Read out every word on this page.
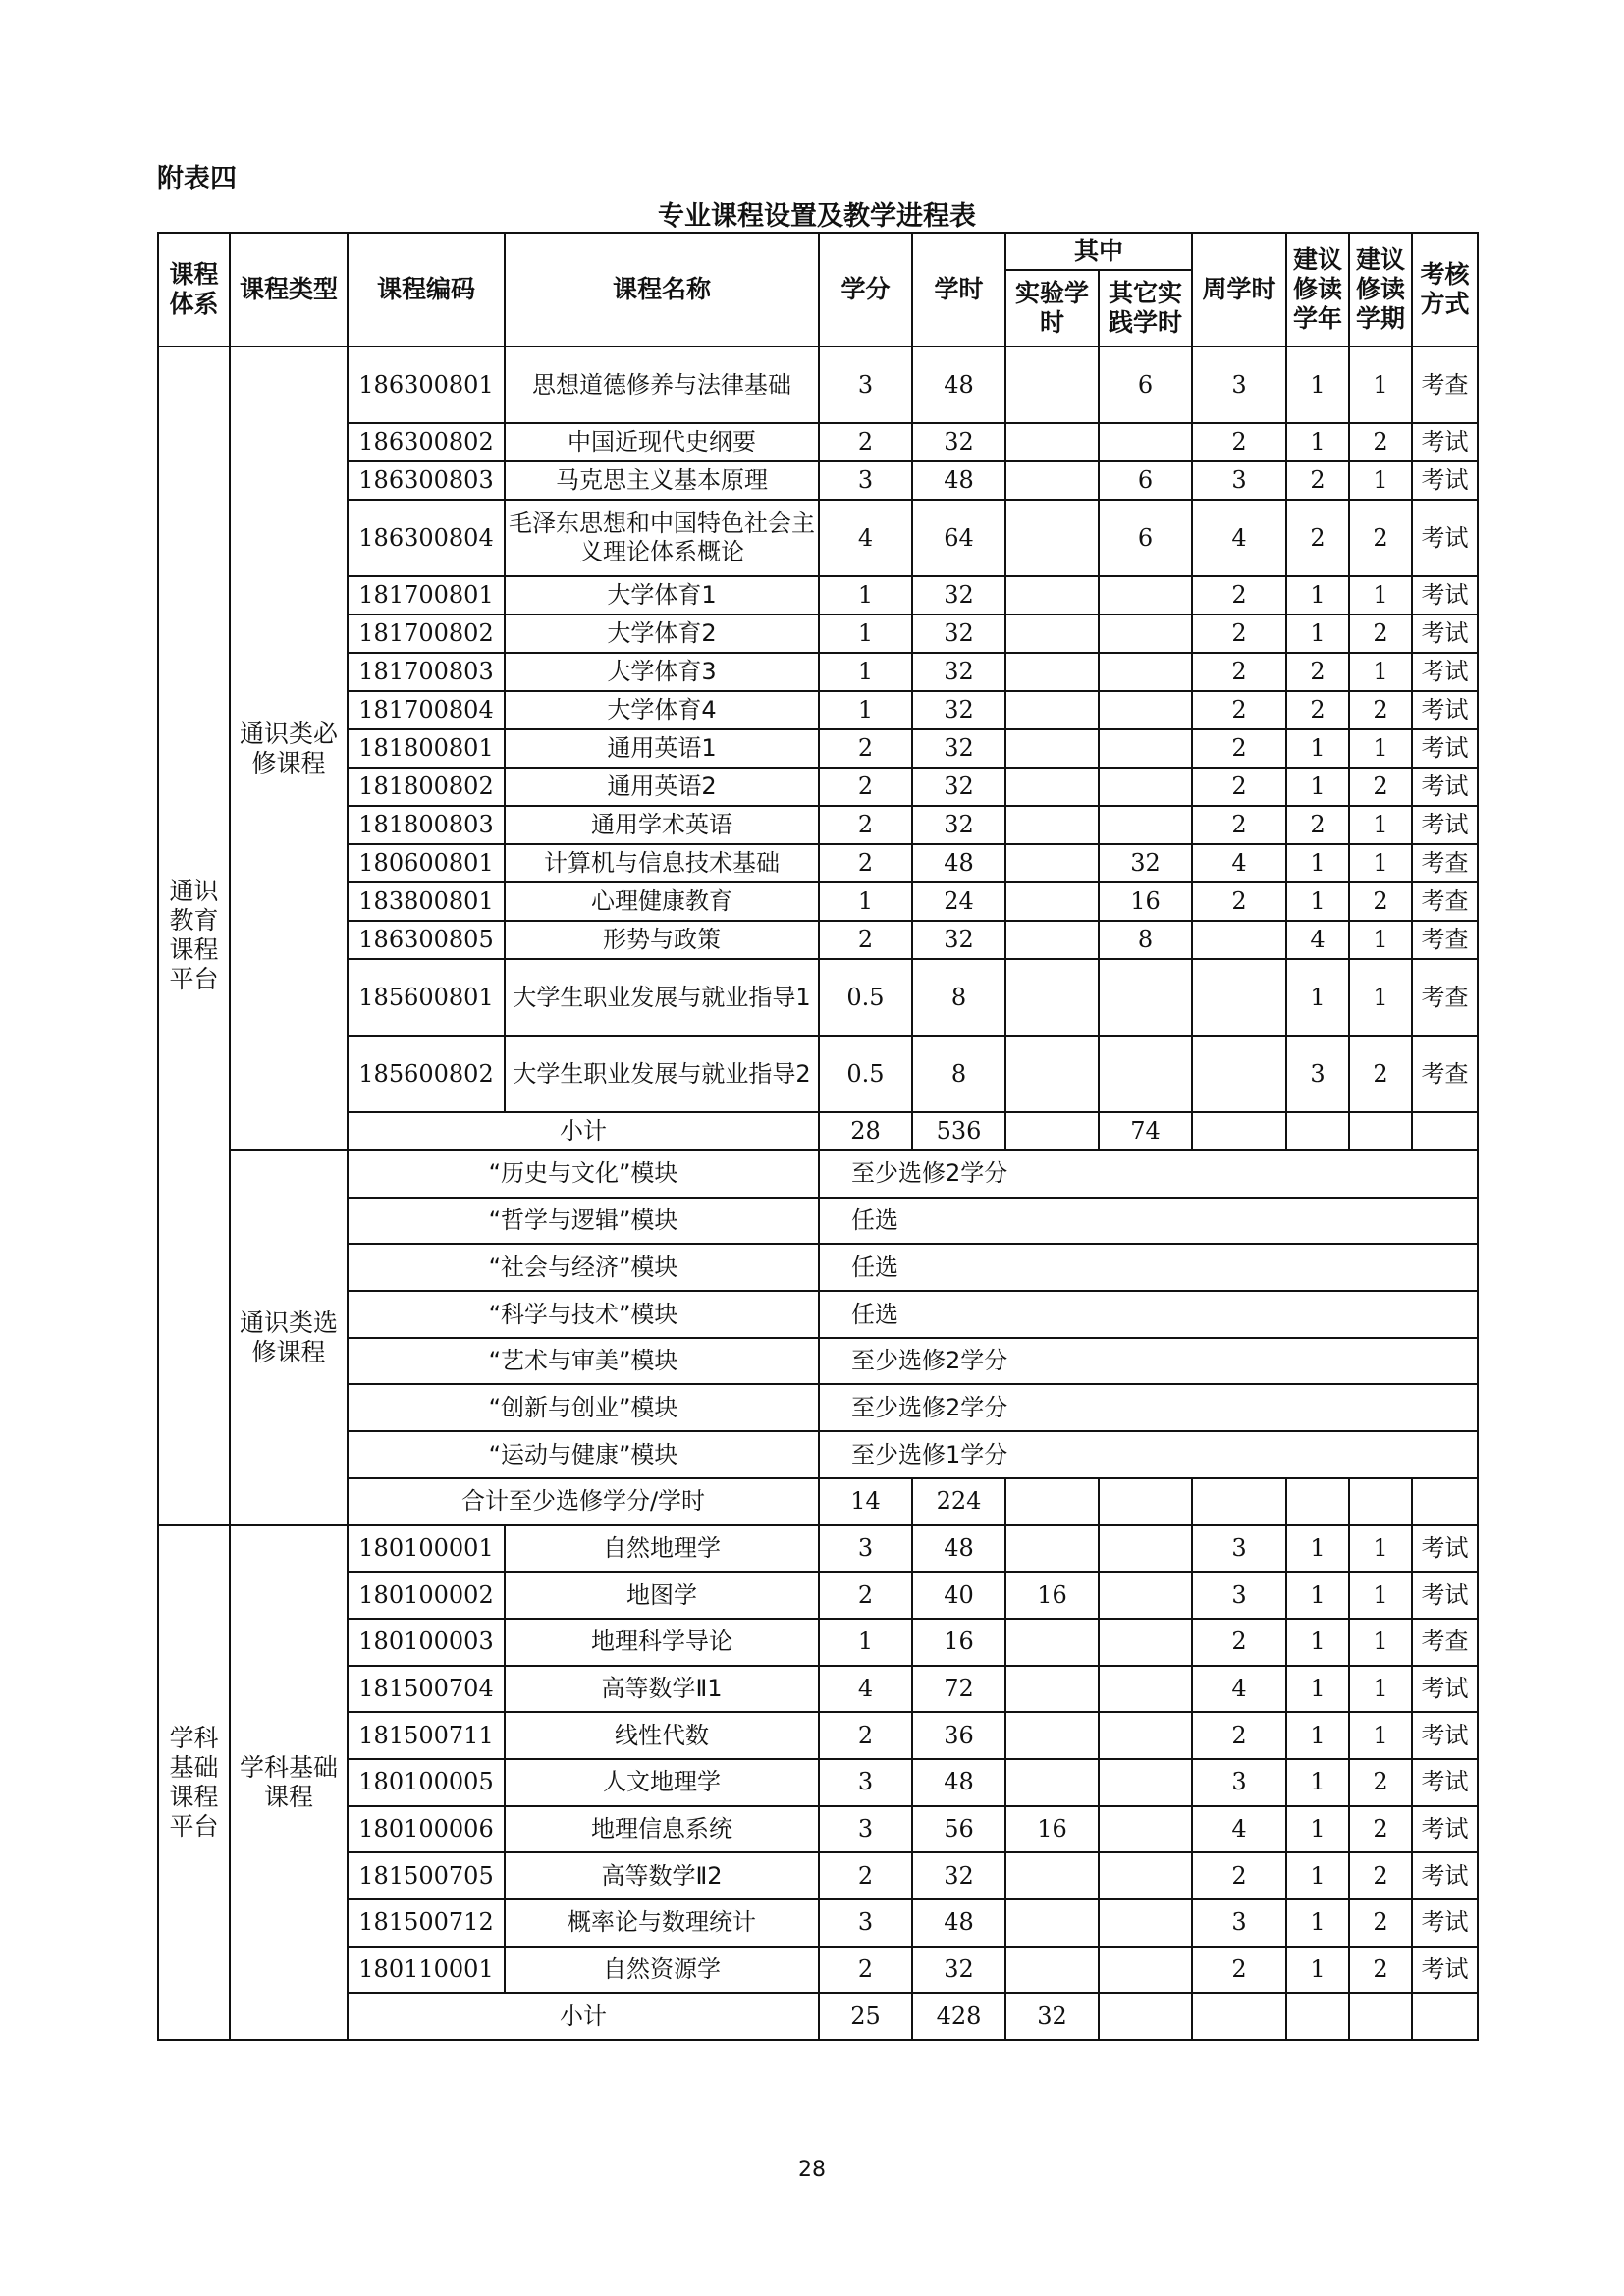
附表四
专业课程设置及教学进程表
课程体系	课程类型	课程编码	课程名称	学分	学时	其中		周学时	建议修读学年	建议修读学期	考核方式
						实验学时	其它实践学时				
通识教育课程平台	通识类必修课程	186300801	思想道德修养与法律基础	3	48		6	3	1	1	考查
		186300802	中国近现代史纲要	2	32			2	1	2	考试
		186300803	马克思主义基本原理	3	48		6	3	2	1	考试
		186300804	毛泽东思想和中国特色社会主义理论体系概论	4	64		6	4	2	2	考试
		181700801	大学体育1	1	32			2	1	1	考试
		181700802	大学体育2	1	32			2	1	2	考试
		181700803	大学体育3	1	32			2	2	1	考试
		181700804	大学体育4	1	32			2	2	2	考试
		181800801	通用英语1	2	32			2	1	1	考试
		181800802	通用英语2	2	32			2	1	2	考试
		181800803	通用学术英语	2	32			2	2	1	考试
		180600801	计算机与信息技术基础	2	48		32	4	1	1	考查
		183800801	心理健康教育	1	24		16	2	1	2	考查
		186300805	形势与政策	2	32		8		4	1	考查
		185600801	大学生职业发展与就业指导1	0.5	8				1	1	考查
		185600802	大学生职业发展与就业指导2	0.5	8				3	2	考查
		小计		28	536		74				
	通识类选修课程	“历史与文化”模块		至少选修2学分							
		“哲学与逻辑”模块		任选							
		“社会与经济”模块		任选							
		“科学与技术”模块		任选							
		“艺术与审美”模块		至少选修2学分							
		“创新与创业”模块		至少选修2学分							
		“运动与健康”模块		至少选修1学分							
		合计至少选修学分/学时		14	224						
学科基础课程平台	学科基础课程	180100001	自然地理学	3	48			3	1	1	考试
		180100002	地图学	2	40	16		3	1	1	考试
		180100003	地理科学导论	1	16			2	1	1	考查
		181500704	高等数学Ⅱ1	4	72			4	1	1	考试
		181500711	线性代数	2	36			2	1	1	考试
		180100005	人文地理学	3	48			3	1	2	考试
		180100006	地理信息系统	3	56	16		4	1	2	考试
		181500705	高等数学Ⅱ2	2	32			2	1	2	考试
		181500712	概率论与数理统计	3	48			3	1	2	考试
		180110001	自然资源学	2	32			2	1	2	考试
		小计		25	428	32					
28
